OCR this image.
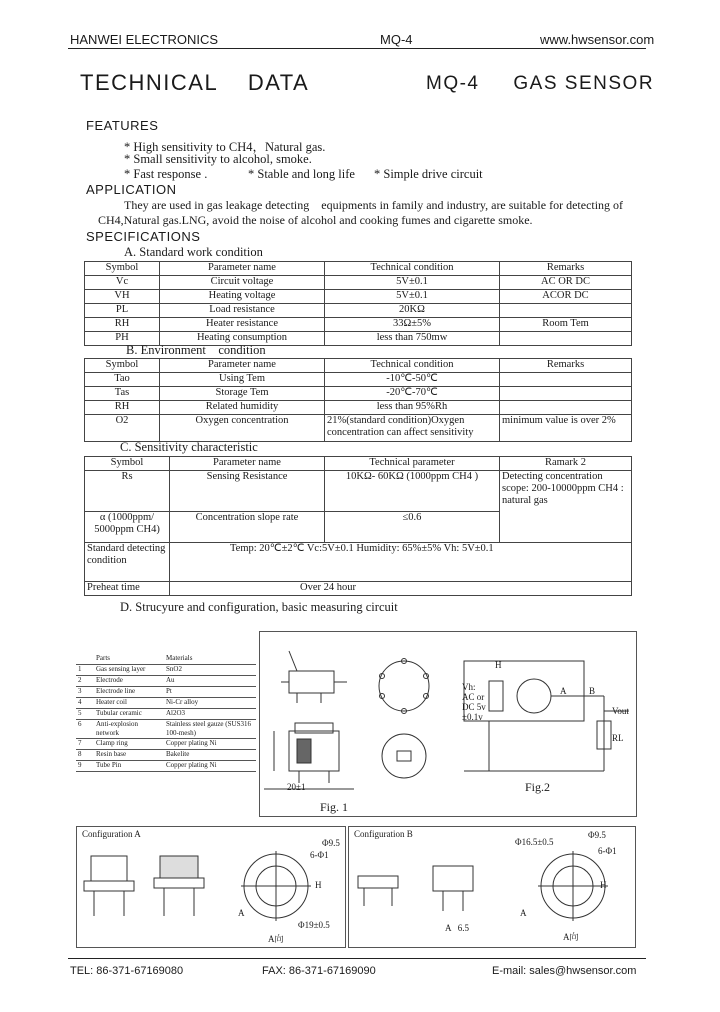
HANWEI ELECTRONICS	MQ-4	www.hwsensor.com
TECHNICAL    DATA	MQ-4     GAS SENSOR
FEATURES
* High sensitivity to CH4，Natural gas.
* Small sensitivity to alcohol, smoke.
* Fast response .	* Stable and long life * Simple drive circuit
APPLICATION
They are used in gas leakage detecting    equipments in family and industry, are suitable for detecting of
CH4,Natural gas.LNG, avoid the noise of alcohol and cooking fumes and cigarette smoke.
SPECIFICATIONS
A. Standard work condition
Symbol	Parameter name	Technical condition	Remarks
Vc	Circuit voltage	5V±0.1	AC OR DC
VH	Heating voltage	5V±0.1	ACOR DC
PL	Load resistance	20KΩ	
RH	Heater resistance	33Ω±5%	Room Tem
PH	Heating consumption	less than 750mw	
B. Environment    condition
Symbol	Parameter name	Technical condition	Remarks
Tao	Using Tem	-10℃-50℃	
Tas	Storage Tem	-20℃-70℃	
RH	Related humidity	less than 95%Rh	
O2	Oxygen concentration	21%(standard condition)Oxygen concentration can affect sensitivity	minimum value is over 2%
C. Sensitivity characteristic
Symbol	Parameter name	Technical parameter	Ramark 2
Rs	Sensing Resistance	10KΩ- 60KΩ (1000ppm CH4 )	Detecting concentration scope: 200-10000ppm CH4 : natural gas
α (1000ppm/ 5000ppm CH4)	Concentration slope rate	≤0.6	
Standard detecting condition	Temp: 20℃±2℃ Vc:5V±0.1 Humidity: 65%±5% Vh: 5V±0.1		
Preheat time	Over 24 hour		
D. Strucyure and configuration, basic measuring circuit
	Parts	Materials
1	Gas sensing layer	SnO2
2	Electrode	Au
3	Electrode line	Pt
4	Heater coil	Ni-Cr alloy
5	Tubular ceramic	Al2O3
6	Anti-explosion network	Stainless steel gauze (SUS316 100-mesh)
7	Clamp ring	Copper plating Ni
8	Resin base	Bakelite
9	Tube Pin	Copper plating Ni
Vh:
AC or
DC 5v
±0.1v
A	B
Vout
RL
H
20±1
Fig. 1
Fig.2
Configuration A
Φ9.5
6-Φ1
Φ19±0.5
A
H
A向
Configuration B	Φ9.5
6-Φ1
Φ16.5±0.5
A
H
A向
A   6.5
TEL: 86-371-67169080	FAX: 86-371-67169090	E-mail: sales@hwsensor.com
